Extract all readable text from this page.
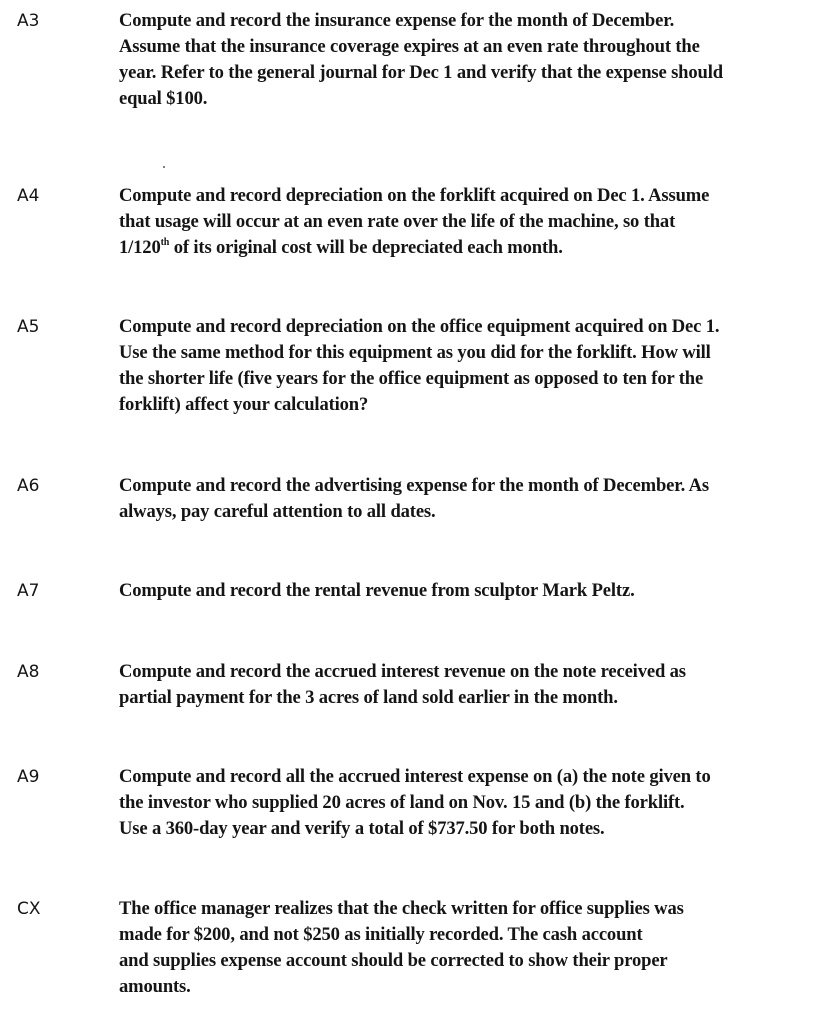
A3	Compute and record the insurance expense for the month of December.
Assume that the insurance coverage expires at an even rate throughout the
year. Refer to the general journal for Dec 1 and verify that the expense should
equal $100.
A4	Compute and record depreciation on the forklift acquired on Dec 1. Assume
that usage will occur at an even rate over the life of the machine, so that
1/120th of its original cost will be depreciated each month.
A5	Compute and record depreciation on the office equipment acquired on Dec 1.
Use the same method for this equipment as you did for the forklift. How will
the shorter life (five years for the office equipment as opposed to ten for the
forklift) affect your calculation?
A6	Compute and record the advertising expense for the month of December. As
always, pay careful attention to all dates.
A7	Compute and record the rental revenue from sculptor Mark Peltz.
A8	Compute and record the accrued interest revenue on the note received as
partial payment for the 3 acres of land sold earlier in the month.
A9	Compute and record all the accrued interest expense on (a) the note given to
the investor who supplied 20 acres of land on Nov. 15 and (b) the forklift.
Use a 360-day year and verify a total of $737.50 for both notes.
CX	The office manager realizes that the check written for office supplies was
made for $200, and not $250 as initially recorded. The cash account
and supplies expense account should be corrected to show their proper
amounts.
